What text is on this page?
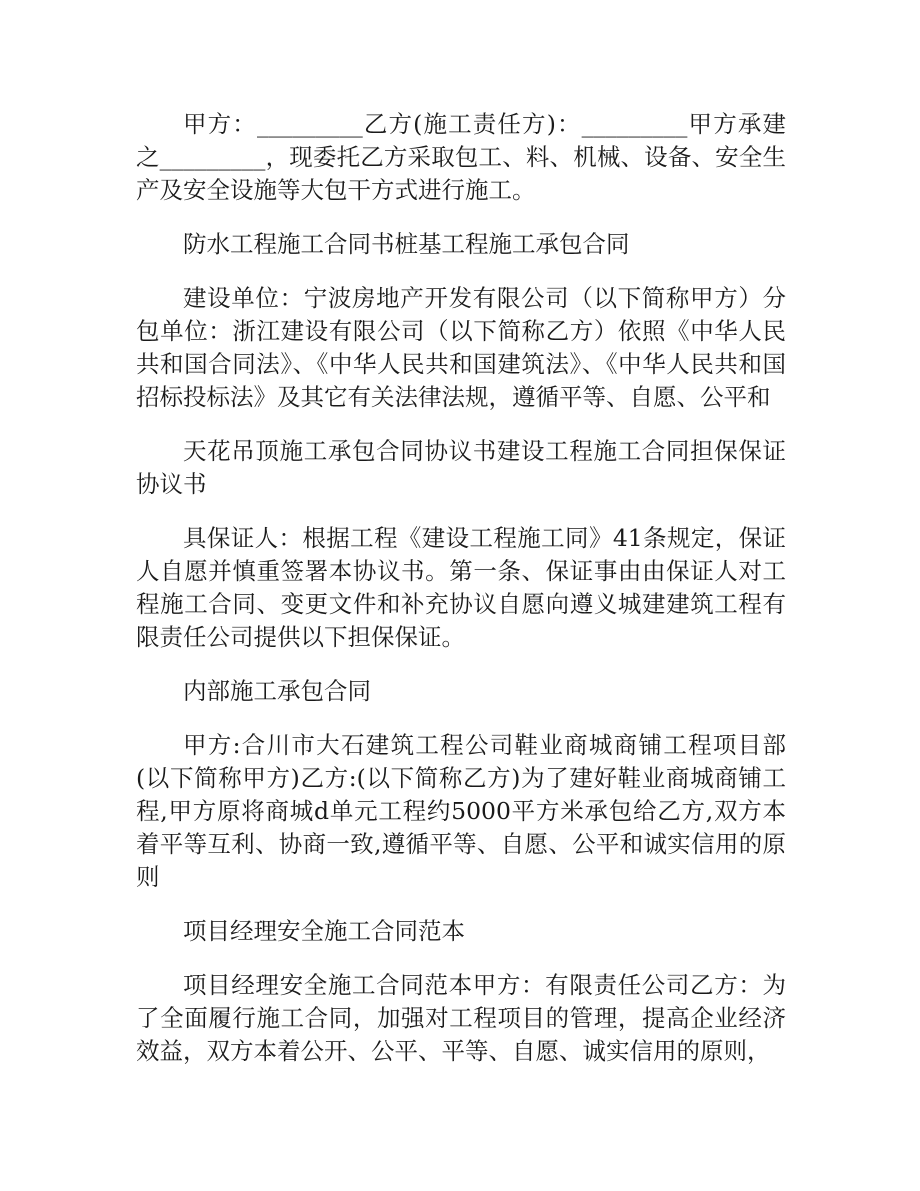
甲方：_________乙方(施工责任方)：_________甲方承建之_________，现委托乙方采取包工、料、机械、设备、安全生产及安全设施等大包干方式进行施工。

防水工程施工合同书桩基工程施工承包合同

建设单位：宁波房地产开发有限公司（以下简称甲方）分包单位：浙江建设有限公司（以下简称乙方）依照《中华人民共和国合同法》、《中华人民共和国建筑法》、《中华人民共和国招标投标法》及其它有关法律法规，遵循平等、自愿、公平和

天花吊顶施工承包合同协议书建设工程施工合同担保保证协议书

具保证人：根据工程《建设工程施工同》41条规定，保证人自愿并慎重签署本协议书。第一条、保证事由由保证人对工程施工合同、变更文件和补充协议自愿向遵义城建建筑工程有限责任公司提供以下担保保证。

内部施工承包合同

甲方:合川市大石建筑工程公司鞋业商城商铺工程项目部(以下简称甲方)乙方:(以下简称乙方)为了建好鞋业商城商铺工程,甲方原将商城d单元工程约5000平方米承包给乙方,双方本着平等互利、协商一致,遵循平等、自愿、公平和诚实信用的原则

项目经理安全施工合同范本

项目经理安全施工合同范本甲方：有限责任公司乙方：为了全面履行施工合同，加强对工程项目的管理，提高企业经济效益，双方本着公开、公平、平等、自愿、诚实信用的原则，
